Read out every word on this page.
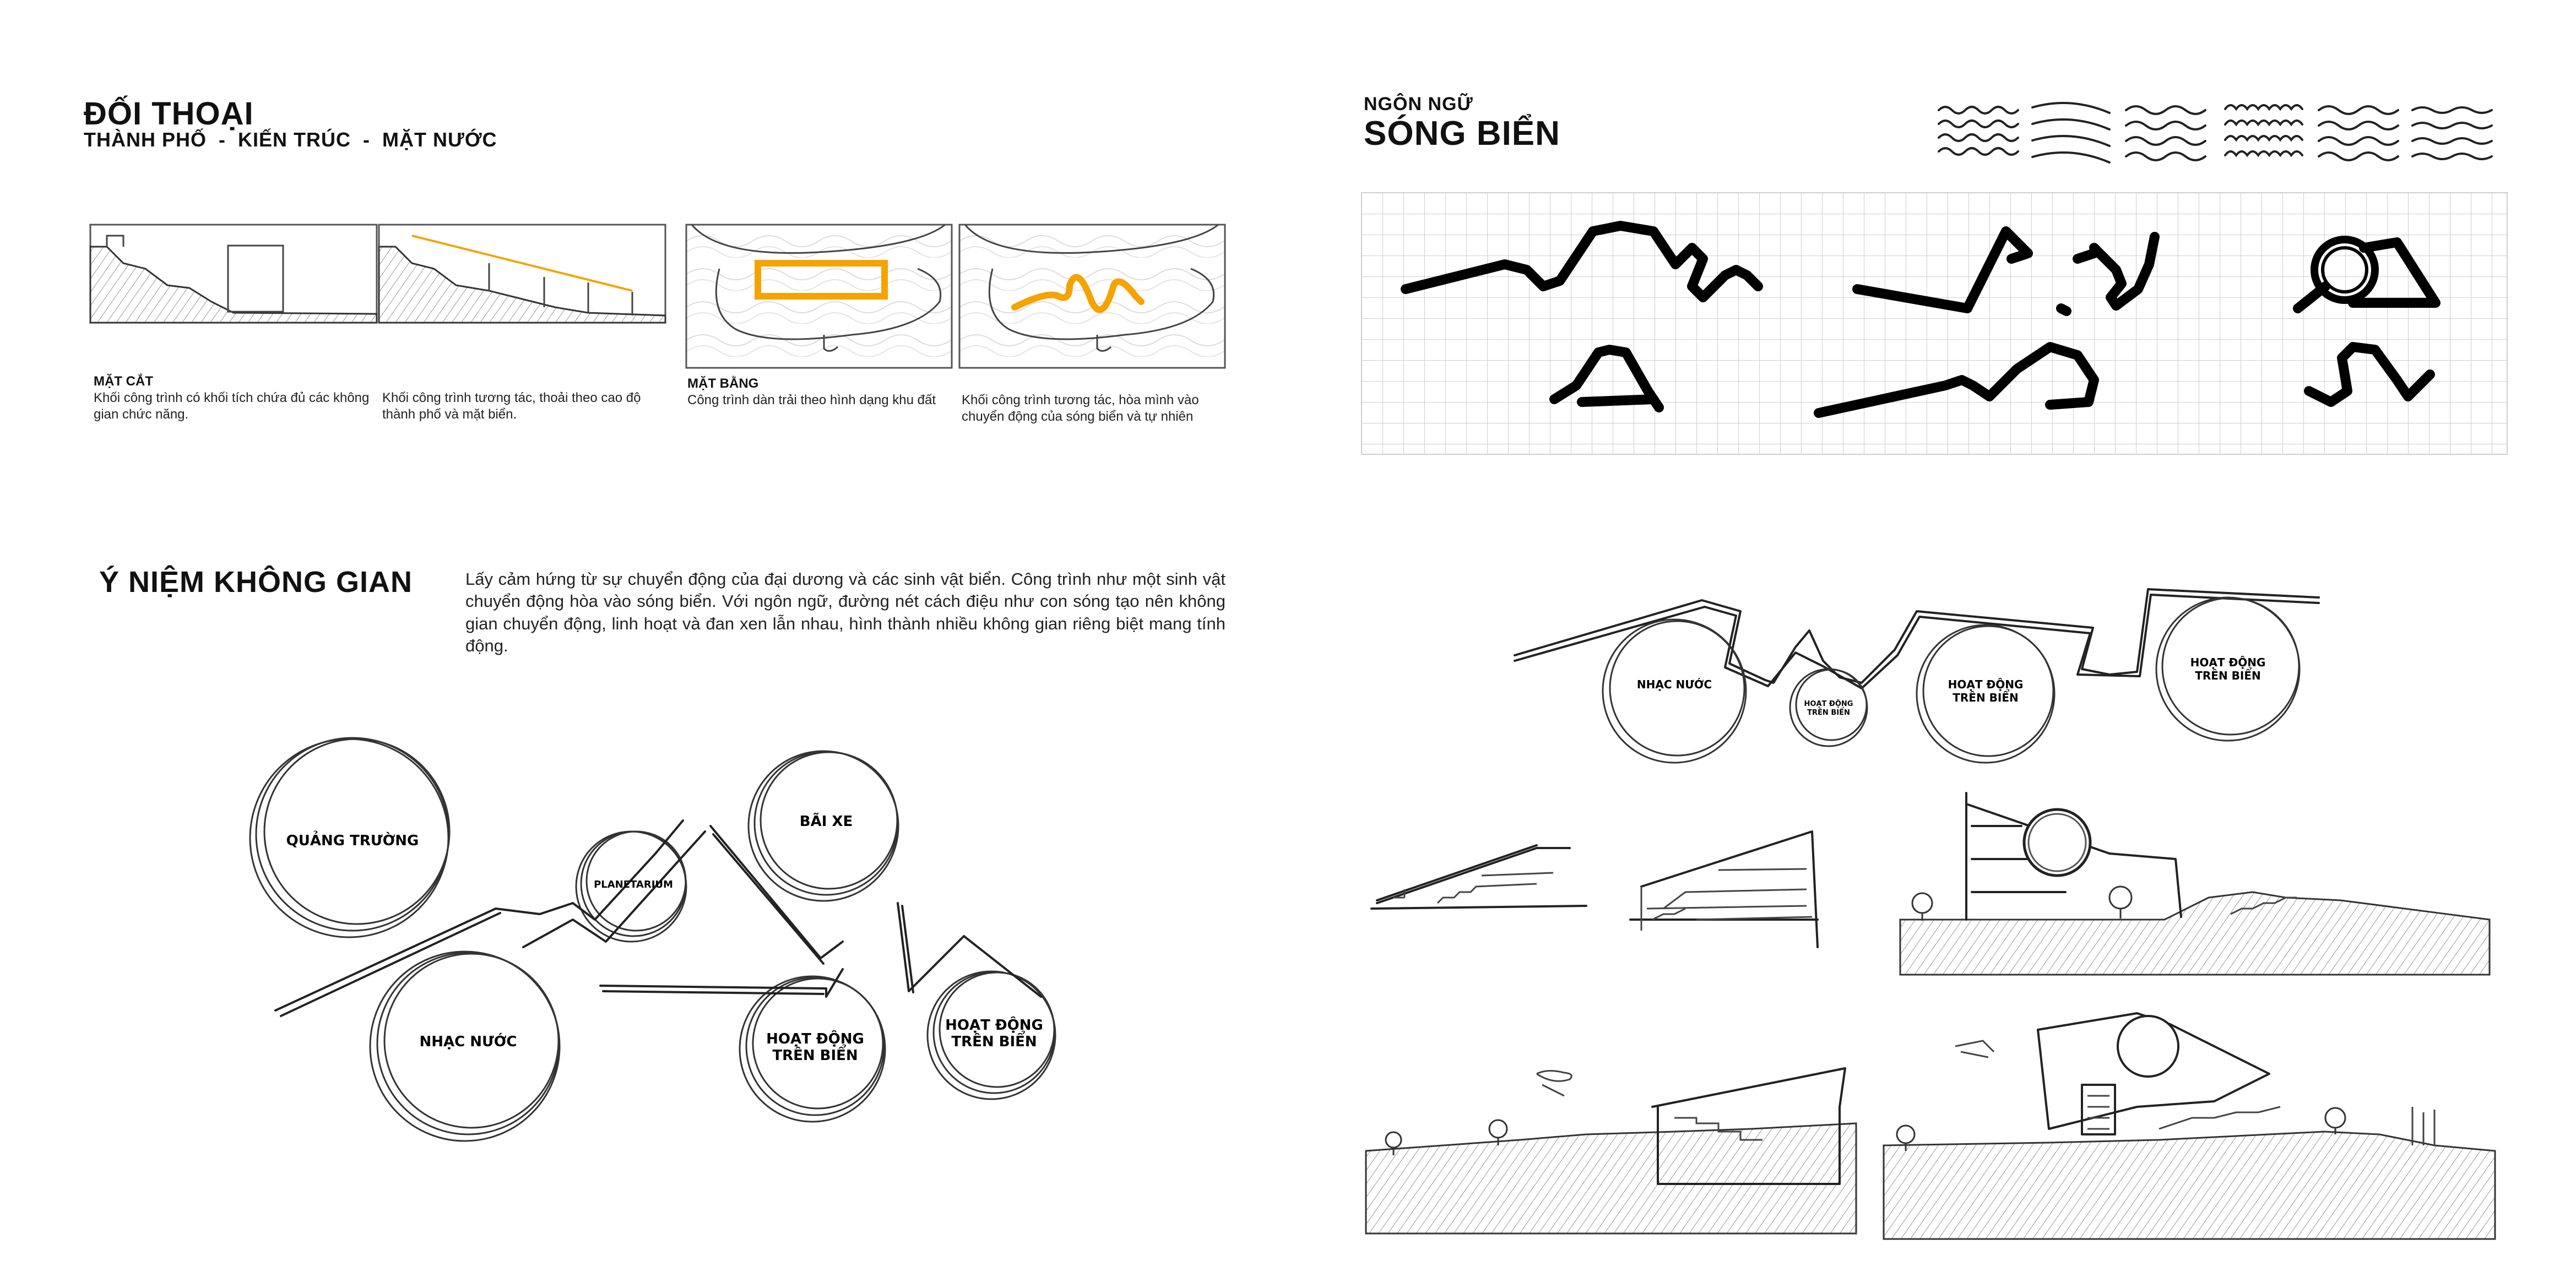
ĐỐI THOẠI
THÀNH PHỐ  -  KIẾN TRÚC  -  MẶT NƯỚC
MẶT CẮT
Khối công trình có khối tích chứa đủ các không gian chức năng.
Khối công trình tương tác, thoải theo cao độ thành phố và mặt biển.
MẶT BẰNG
Công trình dàn trải theo hình dạng khu đất	Khối công trình tương tác, hòa mình vào chuyển động của sóng biển và tự nhiên
Ý NIỆM KHÔNG GIAN	Lấy cảm hứng từ sự chuyển động của đại dương và các sinh vật biển. Công trình như một sinh vật chuyển động hòa vào sóng biển. Với ngôn ngữ, đường nét cách điệu như con sóng tạo nên không gian chuyển động, linh hoạt và đan xen lẫn nhau, hình thành nhiều không gian riêng biệt mang tính động.
QUẢNG TRƯỜNG
PLANETARIUM
BÃI XE
NHẠC NƯỚC	HOẠT ĐỘNG
TRÊN BIỂN
HOẠT ĐỘNG
TRÊN BIỂN
NGÔN NGỮ
SÓNG BIỂN
NHẠC NƯỚC
HOẠT ĐỘNG
TRÊN BIỂN
HOẠT ĐỘNG
TRÊN BIỂN
HOẠT ĐỘNG
TRÊN BIỂN
